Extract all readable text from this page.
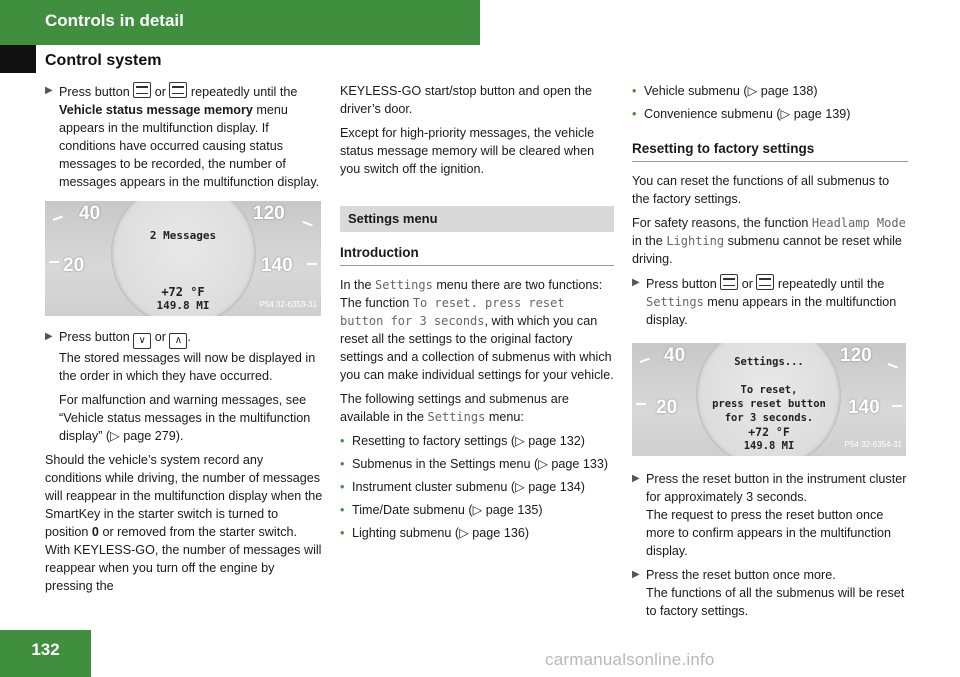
Controls in detail
Control system
▶ Press button or repeatedly until the Vehicle status message memory menu appears in the multifunction display. If conditions have occurred causing status messages to be recorded, the number of messages appears in the multifunction display.
40
20
120
140
2 Messages
+72 °F
149.8 MI	P54 32-6353-31
▶ Press button ∨ or ∧ .

The stored messages will now be displayed in the order in which they have occurred.

For malfunction and warning messages, see “Vehicle status messages in the multifunction display” (▷ page 279).

Should the vehicle’s system record any conditions while driving, the number of messages will reappear in the multifunction display when the SmartKey in the starter switch is turned to position 0 or removed from the starter switch. With KEYLESS-GO, the number of messages will reappear when you turn off the engine by pressing the

KEYLESS-GO start/stop button and open the driver’s door.

Except for high-priority messages, the vehicle status message memory will be cleared when you switch off the ignition.

Settings menu
Introduction

In the Settings menu there are two functions: The function To reset. press reset button for 3 seconds, with which you can reset all the settings to the original factory settings and a collection of submenus with which you can make individual settings for your vehicle.

The following settings and submenus are available in the Settings menu:

• Resetting to factory settings (▷ page 132)
• Submenus in the Settings menu (▷ page 133)
• Instrument cluster submenu (▷ page 134)
• Time/Date submenu (▷ page 135)
• Lighting submenu (▷ page 136)
• Vehicle submenu (▷ page 138)
• Convenience submenu (▷ page 139)
Resetting to factory settings

You can reset the functions of all submenus to the factory settings.

For safety reasons, the function Headlamp Mode in the Lighting submenu cannot be reset while driving.

▶ Press button or repeatedly until the Settings menu appears in the multifunction display.
40
20
120
140
Settings...
To reset,
press reset button
for 3 seconds.
+72 °F
149.8 MI	P54 32-6354-31
▶ Press the reset button in the instrument cluster for approximately 3 seconds.

The request to press the reset button once more to confirm appears in the multifunction display.

▶ Press the reset button once more.

The functions of all the submenus will be reset to factory settings.

132
carmanualsonline.info
